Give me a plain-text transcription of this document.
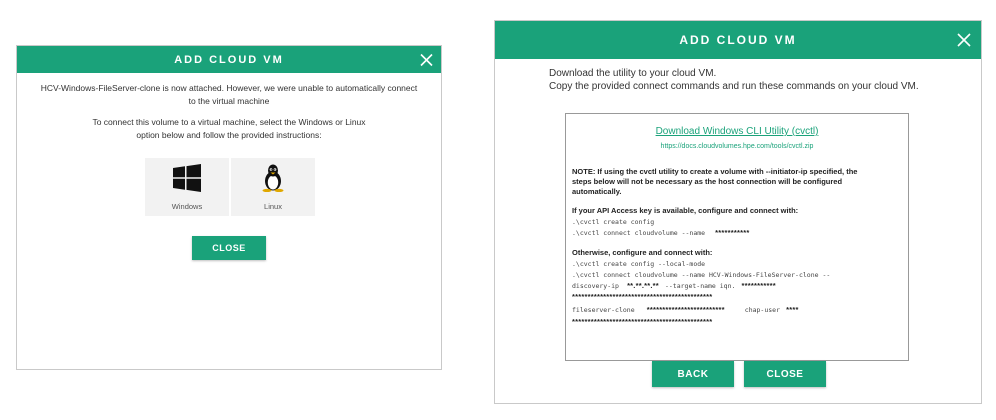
ADD CLOUD VM
HCV-Windows-FileServer-clone is now attached. However, we were unable to automatically connect
to the virtual machine
To connect this volume to a virtual machine, select the Windows or Linux
option below and follow the provided instructions:
Windows	Linux
CLOSE
ADD CLOUD VM
Download the utility to your cloud VM.
Copy the provided connect commands and run these commands on your cloud VM.
Download Windows CLI Utility (cvctl)
https://docs.cloudvolumes.hpe.com/tools/cvctl.zip
NOTE: If using the cvctl utility to create a volume with --initiator-ip specified, the
steps below will not be necessary as the host connection will be configured
automatically.
If your API Access key is available, configure and connect with:
.\cvctl create config
.\cvctl connect cloudvolume --name ***********
Otherwise, configure and connect with:
.\cvctl create config --local-mode
.\cvctl connect cloudvolume --name HCV-Windows-FileServer-clone --
discovery-ip **.**.**.** --target-name iqn. ***********
*********************************************
fileserver-clone *************************	chap-user ****
*********************************************
BACK	CLOSE
